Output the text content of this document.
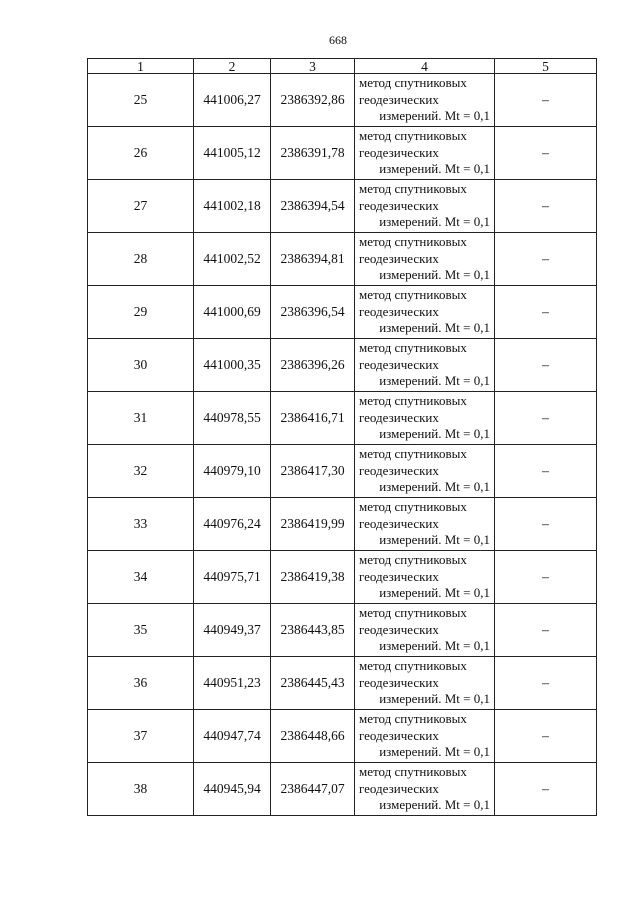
668
1	2	3	4	5
25	441006,27	2386392,86	метод спутниковых
геодезических
измерений. Mt = 0,1	–
26	441005,12	2386391,78	метод спутниковых
геодезических
измерений. Mt = 0,1	–
27	441002,18	2386394,54	метод спутниковых
геодезических
измерений. Mt = 0,1	–
28	441002,52	2386394,81	метод спутниковых
геодезических
измерений. Mt = 0,1	–
29	441000,69	2386396,54	метод спутниковых
геодезических
измерений. Mt = 0,1	–
30	441000,35	2386396,26	метод спутниковых
геодезических
измерений. Mt = 0,1	–
31	440978,55	2386416,71	метод спутниковых
геодезических
измерений. Mt = 0,1	–
32	440979,10	2386417,30	метод спутниковых
геодезических
измерений. Mt = 0,1	–
33	440976,24	2386419,99	метод спутниковых
геодезических
измерений. Mt = 0,1	–
34	440975,71	2386419,38	метод спутниковых
геодезических
измерений. Mt = 0,1	–
35	440949,37	2386443,85	метод спутниковых
геодезических
измерений. Mt = 0,1	–
36	440951,23	2386445,43	метод спутниковых
геодезических
измерений. Mt = 0,1	–
37	440947,74	2386448,66	метод спутниковых
геодезических
измерений. Mt = 0,1	–
38	440945,94	2386447,07	метод спутниковых
геодезических
измерений. Mt = 0,1	–
